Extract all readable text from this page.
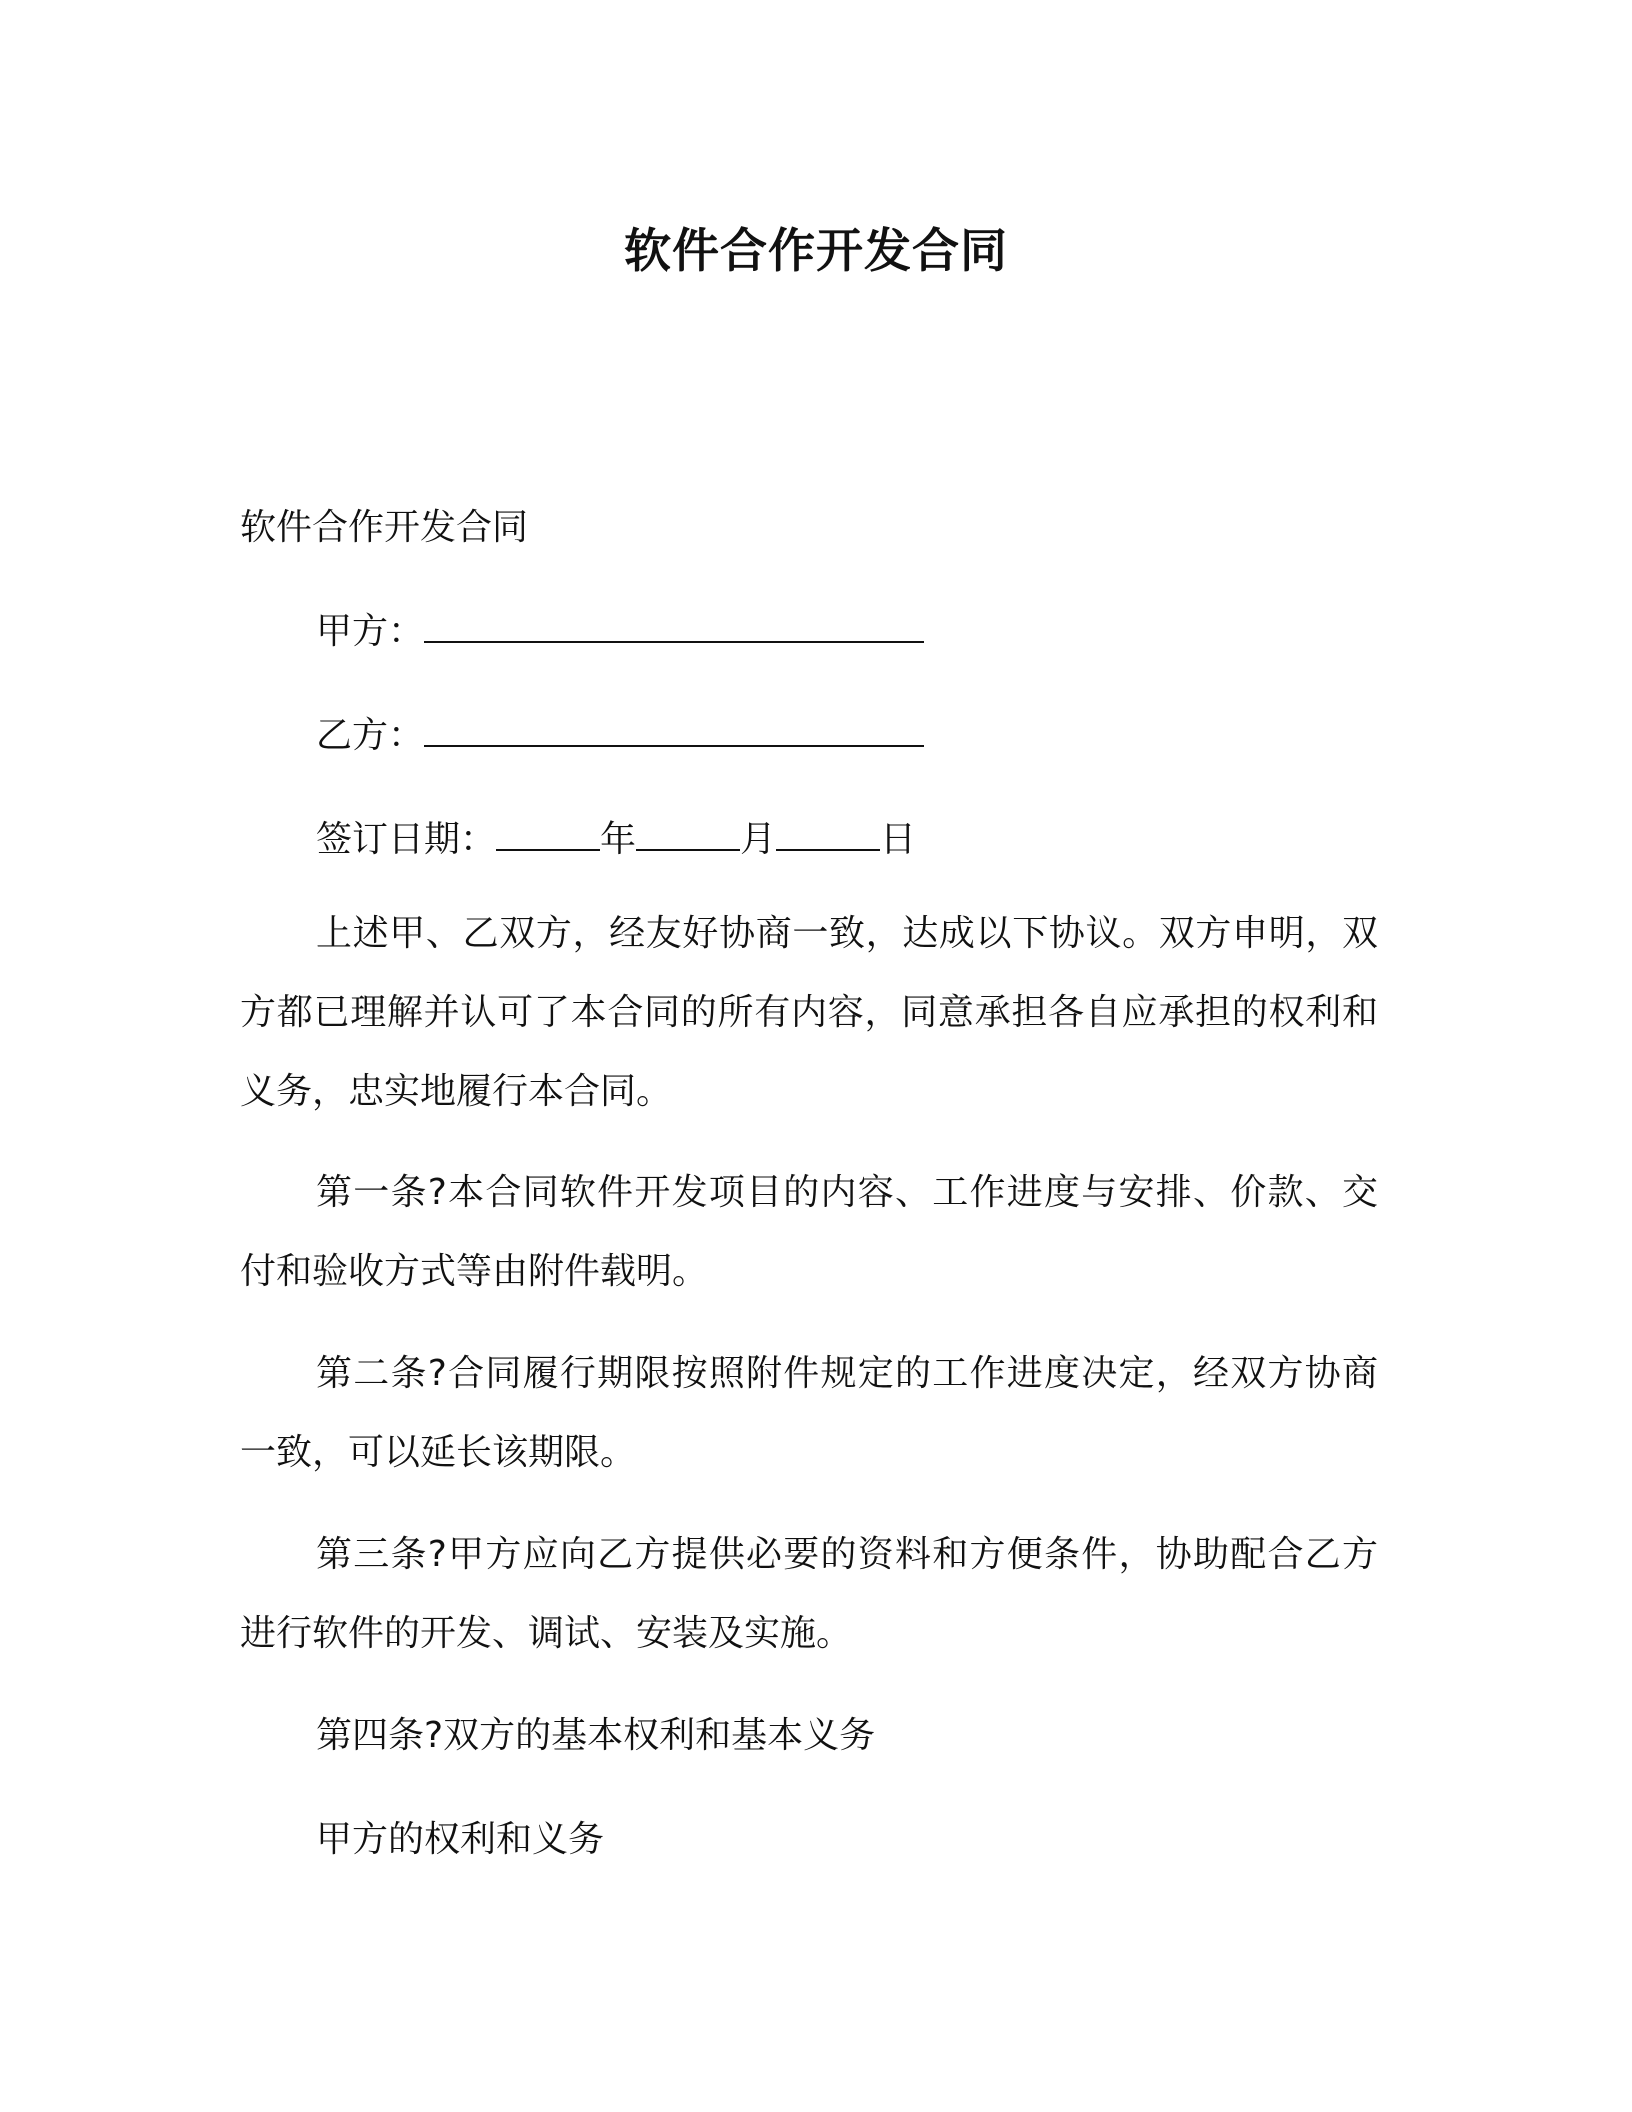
软件合作开发合同
软件合作开发合同
甲方：
乙方：
签订日期：	年	月	日
上述甲、乙双方，经友好协商一致，达成以下协议。双方申明，双方都已理解并认可了本合同的所有内容，同意承担各自应承担的权利和义务，忠实地履行本合同。
第一条?本合同软件开发项目的内容、工作进度与安排、价款、交付和验收方式等由附件载明。
第二条?合同履行期限按照附件规定的工作进度决定，经双方协商一致，可以延长该期限。
第三条?甲方应向乙方提供必要的资料和方便条件，协助配合乙方进行软件的开发、调试、安装及实施。
第四条?双方的基本权利和基本义务
甲方的权利和义务
